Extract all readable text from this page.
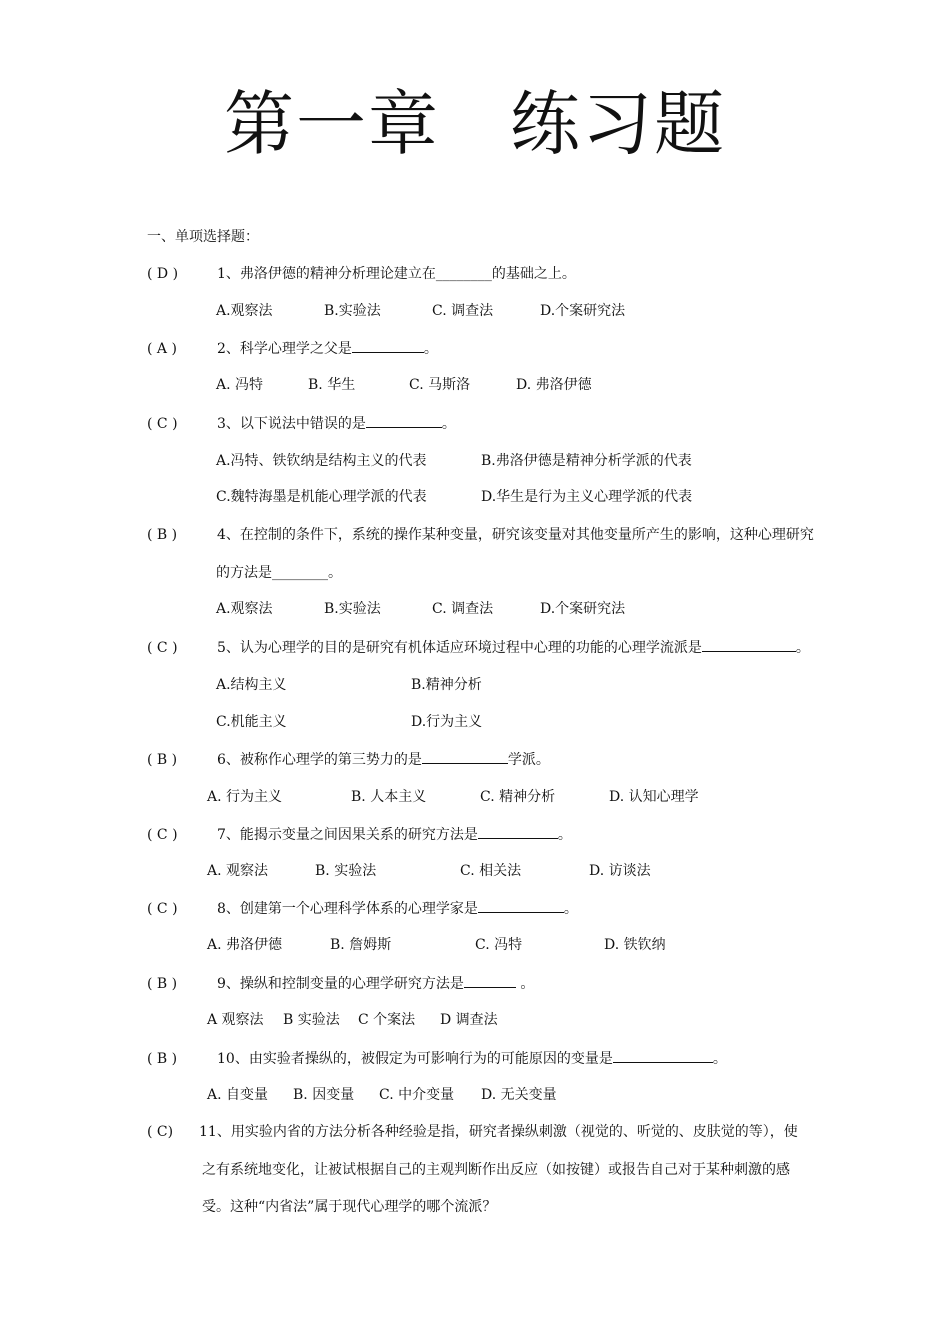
第一章 练习题
一、单项选择题：
( D )	1、弗洛伊德的精神分析理论建立在________的基础之上。
A.观察法	B.实验法	C. 调查法	D.个案研究法
( A )	2、科学心理学之父是	。
A. 冯特	B. 华生	C. 马斯洛	D. 弗洛伊德
( C )	3、以下说法中错误的是	。
A.冯特、铁钦纳是结构主义的代表	B.弗洛伊德是精神分析学派的代表
C.魏特海墨是机能心理学派的代表	D.华生是行为主义心理学派的代表
( B )	4、在控制的条件下，系统的操作某种变量，研究该变量对其他变量所产生的影响，这种心理研究
的方法是________。
A.观察法	B.实验法	C. 调查法	D.个案研究法
( C )	5、认为心理学的目的是研究有机体适应环境过程中心理的功能的心理学流派是	。
A.结构主义	B.精神分析
C.机能主义	D.行为主义
( B )	6、被称作心理学的第三势力的是	学派。
A. 行为主义	B. 人本主义	C. 精神分析	D. 认知心理学
( C )	7、能揭示变量之间因果关系的研究方法是	。
A. 观察法	B. 实验法	C. 相关法	D. 访谈法
( C )	8、创建第一个心理科学体系的心理学家是	。
A. 弗洛伊德	B. 詹姆斯	C. 冯特	D. 铁钦纳
( B )	9、操纵和控制变量的心理学研究方法是	。
A 观察法 B 实验法 C 个案法 D 调查法
( B )	10、由实验者操纵的，被假定为可影响行为的可能原因的变量是	。
A. 自变量 B. 因变量 C. 中介变量 D. 无关变量
( C) 11、用实验内省的方法分析各种经验是指，研究者操纵刺激（视觉的、听觉的、皮肤觉的等），使
之有系统地变化，让被试根据自己的主观判断作出反应（如按键）或报告自己对于某种刺激的感
受。这种“内省法”属于现代心理学的哪个流派？
